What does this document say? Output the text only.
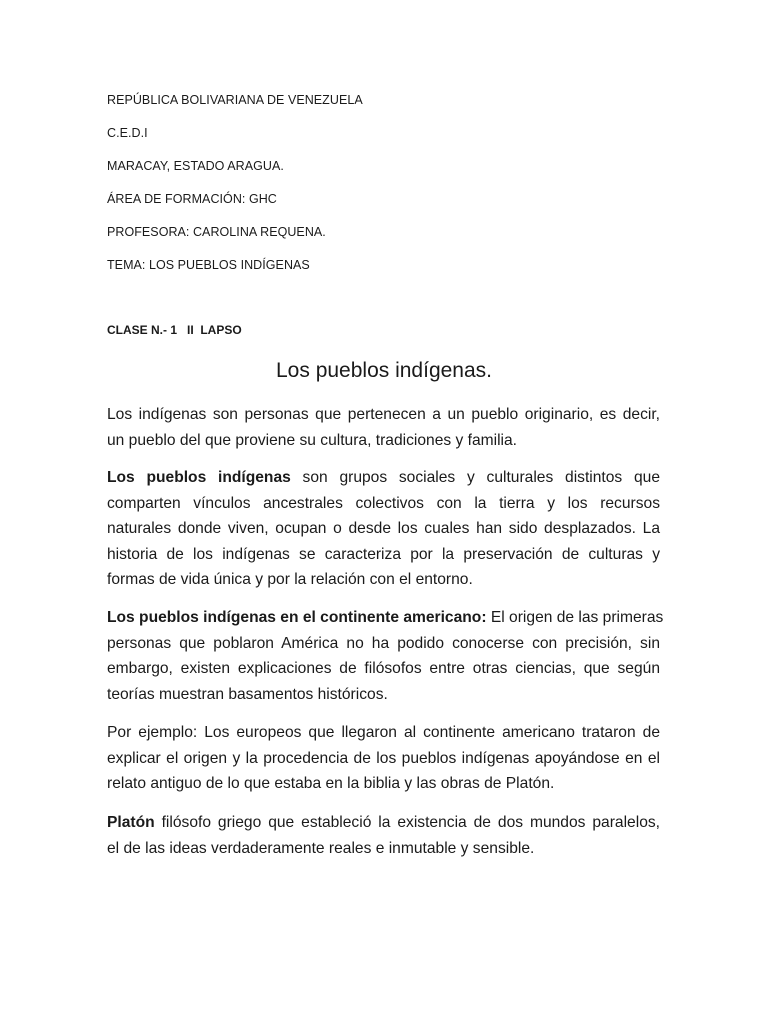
REPÚBLICA BOLIVARIANA DE VENEZUELA
C.E.D.I
MARACAY, ESTADO ARAGUA.
ÁREA DE FORMACIÓN: GHC
PROFESORA: CAROLINA REQUENA.
TEMA: LOS PUEBLOS INDÍGENAS
CLASE N.- 1   II  LAPSO
Los pueblos indígenas.
Los indígenas son personas que pertenecen a un pueblo originario, es decir,
un pueblo del que proviene su cultura, tradiciones y familia.
Los pueblos indígenas son grupos sociales y culturales distintos que
comparten vínculos ancestrales colectivos con la tierra y los recursos
naturales donde viven, ocupan o desde los cuales han sido desplazados. La
historia de los indígenas se caracteriza por la preservación de culturas y
formas de vida única y por la relación con el entorno.
Los pueblos indígenas en el continente americano: El origen de las primeras
personas que poblaron América no ha podido conocerse con precisión, sin
embargo, existen explicaciones de filósofos entre otras ciencias, que según
teorías muestran basamentos históricos.
Por ejemplo: Los europeos que llegaron al continente americano trataron de
explicar el origen y la procedencia de los pueblos indígenas apoyándose en el
relato antiguo de lo que estaba en la biblia y las obras de Platón.
Platón filósofo griego que estableció la existencia de dos mundos paralelos,
el de las ideas verdaderamente reales e inmutable y sensible.
